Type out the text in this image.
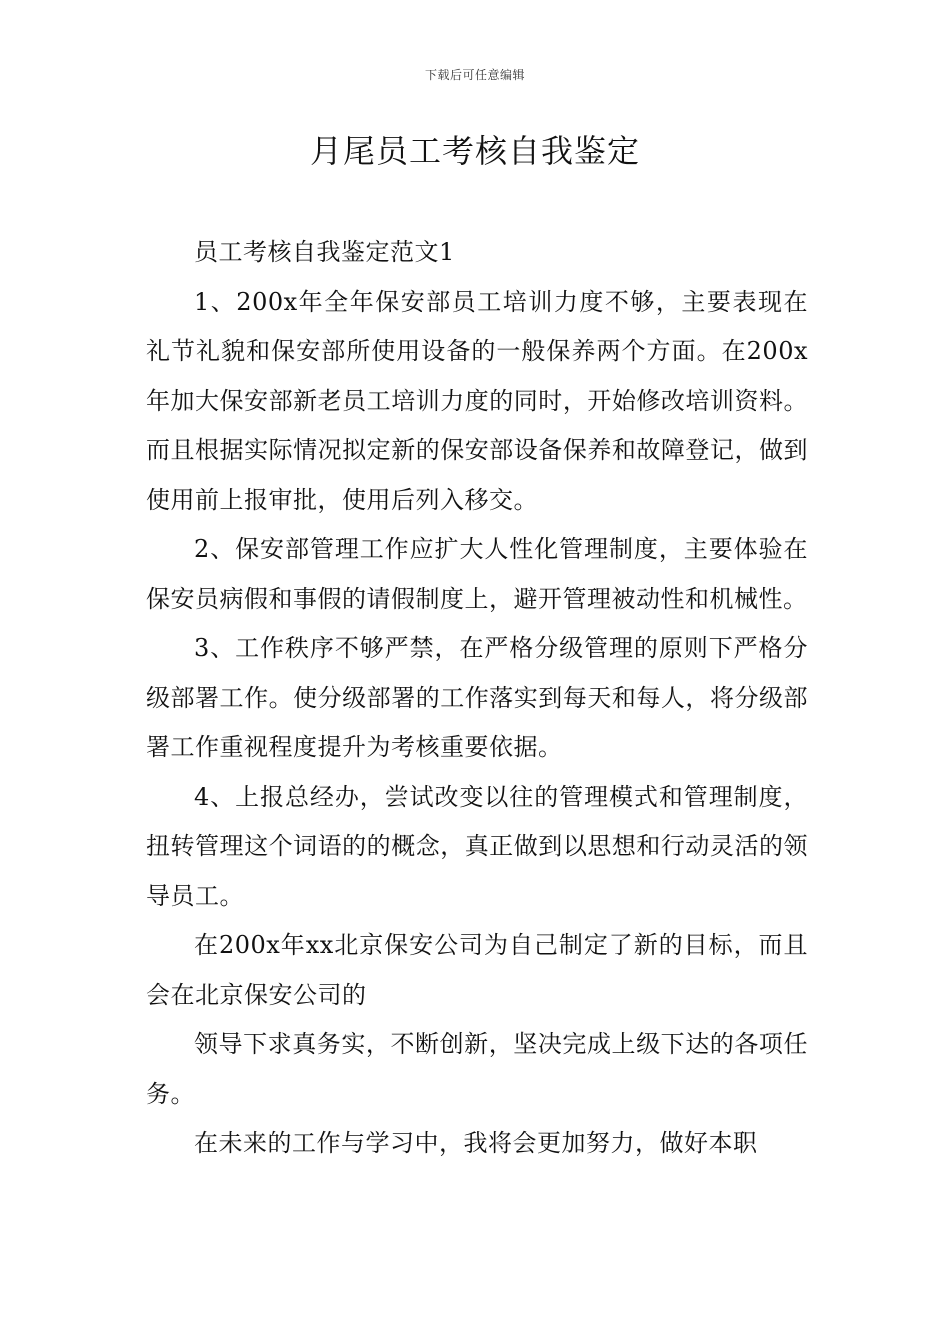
下载后可任意编辑
月尾员工考核自我鉴定

员工考核自我鉴定范文1

1、200x年全年保安部员工培训力度不够，主要表现在礼节礼貌和保安部所使用设备的一般保养两个方面。在200x年加大保安部新老员工培训力度的同时，开始修改培训资料。而且根据实际情况拟定新的保安部设备保养和故障登记，做到使用前上报审批，使用后列入移交。

2、保安部管理工作应扩大人性化管理制度，主要体验在保安员病假和事假的请假制度上，避开管理被动性和机械性。

3、工作秩序不够严禁，在严格分级管理的原则下严格分级部署工作。使分级部署的工作落实到每天和每人，将分级部署工作重视程度提升为考核重要依据。

4、上报总经办，尝试改变以往的管理模式和管理制度，扭转管理这个词语的的概念，真正做到以思想和行动灵活的领导员工。

在200x年xx北京保安公司为自己制定了新的目标，而且会在北京保安公司的

领导下求真务实，不断创新，坚决完成上级下达的各项任务。

在未来的工作与学习中，我将会更加努力，做好本职
